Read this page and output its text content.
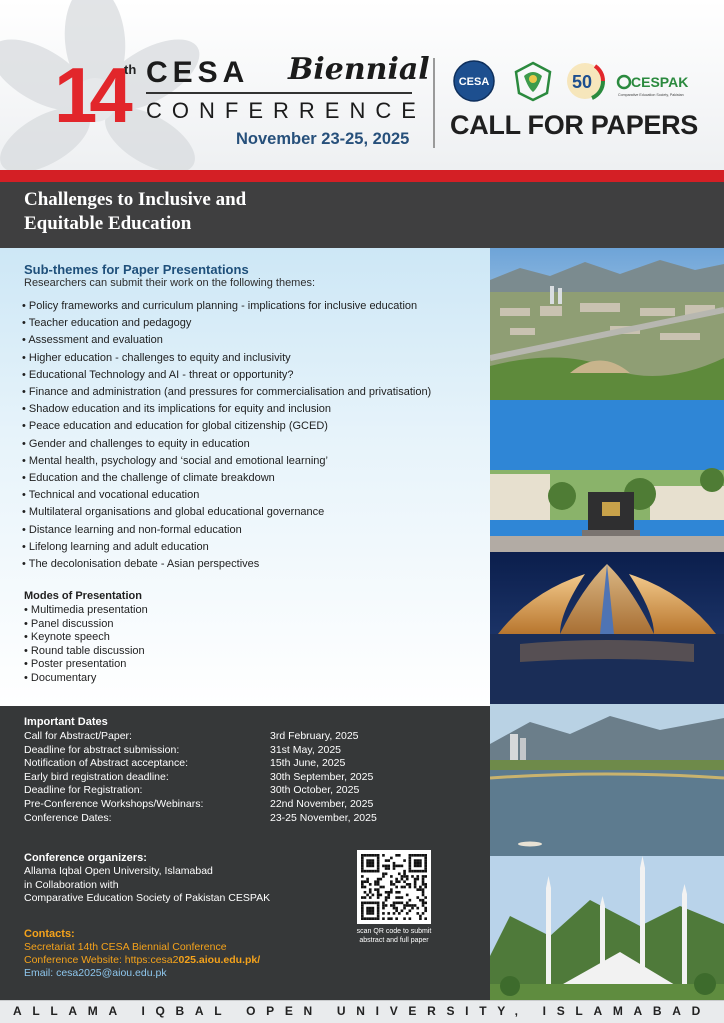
14 th CESA Biennial
CONFERRENCE
November 23-25, 2025
CESA	50	CESPAK
Comparative Education Society, Pakistan
CALL FOR PAPERS
Challenges to Inclusive and
Equitable Education
Sub-themes for Paper Presentations
Researchers can submit their work on the following themes:
• Policy frameworks and curriculum planning - implications for inclusive education
• Teacher education and pedagogy
• Assessment and evaluation
• Higher education - challenges to equity and inclusivity
• Educational Technology and AI - threat or opportunity?
• Finance and administration (and pressures for commercialisation and privatisation)
• Shadow education and its implications for equity and inclusion
• Peace education and education for global citizenship (GCED)
• Gender and challenges to equity in education
• Mental health, psychology and ‘social and emotional learning’
• Education and the challenge of climate breakdown
• Technical and vocational education
• Multilateral organisations and global educational governance
• Distance learning and non-formal education
• Lifelong learning and adult education
• The decolonisation debate - Asian perspectives
Modes of Presentation
• Multimedia presentation
• Panel discussion
• Keynote speech
• Round table discussion
• Poster presentation
• Documentary
Important Dates
Call for Abstract/Paper:	3rd February, 2025
Deadline for abstract submission:	31st May, 2025
Notification of Abstract acceptance:	15th June, 2025
Early bird registration deadline:	30th September, 2025
Deadline for Registration:	30th October, 2025
Pre-Conference Workshops/Webinars:	22nd November, 2025
Conference Dates:	23-25 November, 2025
Conference organizers:
Allama Iqbal Open University, Islamabad
in Collaboration with
Comparative Education Society of Pakistan CESPAK
scan QR code to submit
abstract and full paper
Contacts:
Secretariat 14th CESA Biennial Conference
Conference Website: https:cesa2025.aiou.edu.pk/
Email: cesa2025@aiou.edu.pk
ALLAMA IQBAL OPEN UNIVERSITY, ISLAMABAD
